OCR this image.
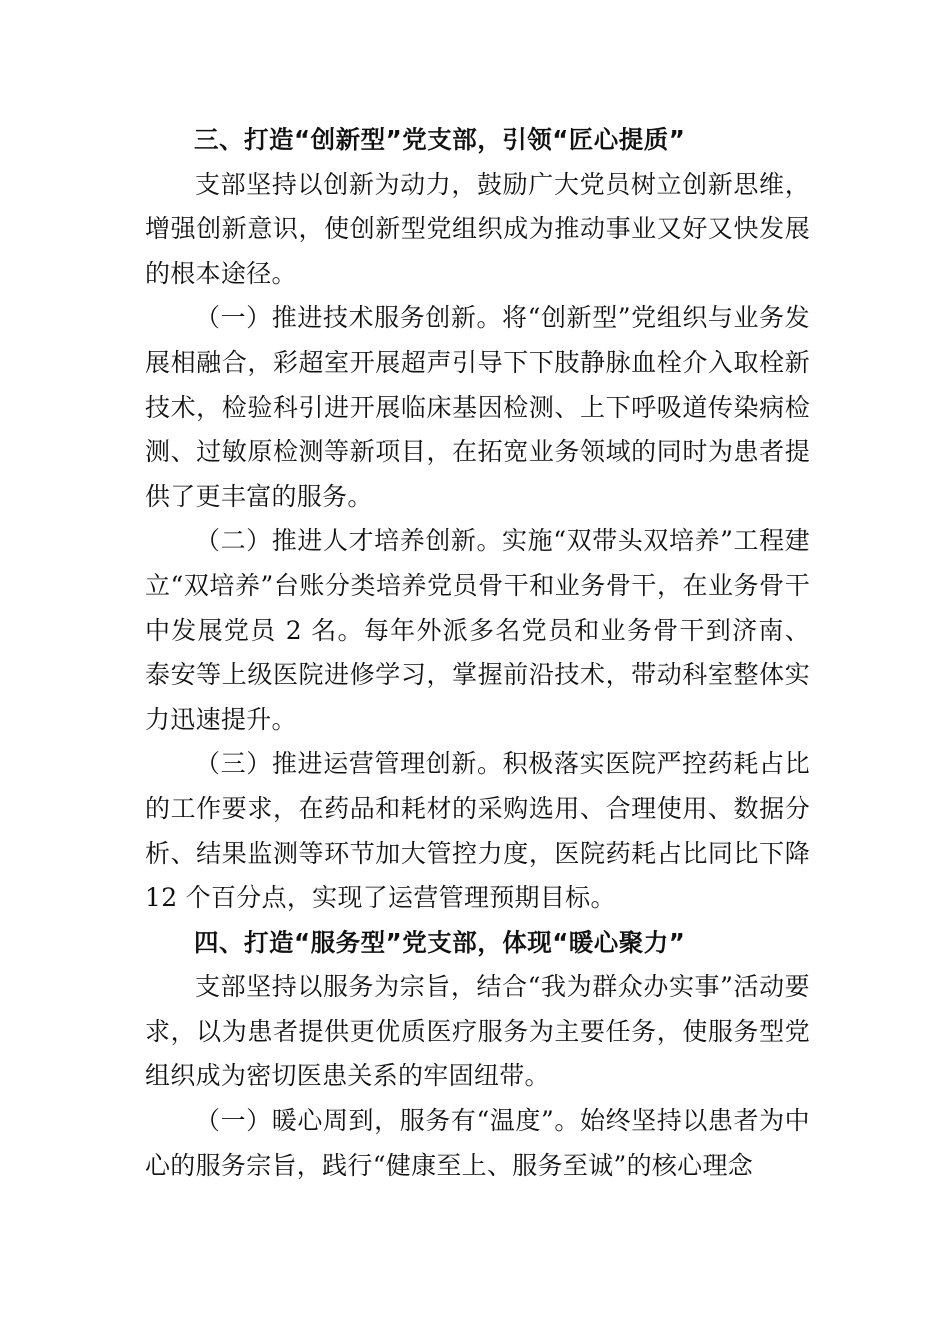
三、打造“创新型”党支部，引领“匠心提质”

支部坚持以创新为动力，鼓励广大党员树立创新思维，增强创新意识，使创新型党组织成为推动事业又好又快发展的根本途径。

（一）推进技术服务创新。将“创新型”党组织与业务发展相融合，彩超室开展超声引导下下肢静脉血栓介入取栓新技术，检验科引进开展临床基因检测、上下呼吸道传染病检测、过敏原检测等新项目，在拓宽业务领域的同时为患者提供了更丰富的服务。

（二）推进人才培养创新。实施“双带头双培养”工程建立“双培养”台账分类培养党员骨干和业务骨干，在业务骨干中发展党员 2 名。每年外派多名党员和业务骨干到济南、泰安等上级医院进修学习，掌握前沿技术，带动科室整体实力迅速提升。

（三）推进运营管理创新。积极落实医院严控药耗占比的工作要求，在药品和耗材的采购选用、合理使用、数据分析、结果监测等环节加大管控力度，医院药耗占比同比下降 12 个百分点，实现了运营管理预期目标。

四、打造“服务型”党支部，体现“暖心聚力”

支部坚持以服务为宗旨，结合“我为群众办实事”活动要求，以为患者提供更优质医疗服务为主要任务，使服务型党组织成为密切医患关系的牢固纽带。

（一）暖心周到，服务有“温度”。始终坚持以患者为中心的服务宗旨，践行“健康至上、服务至诚”的核心理念
